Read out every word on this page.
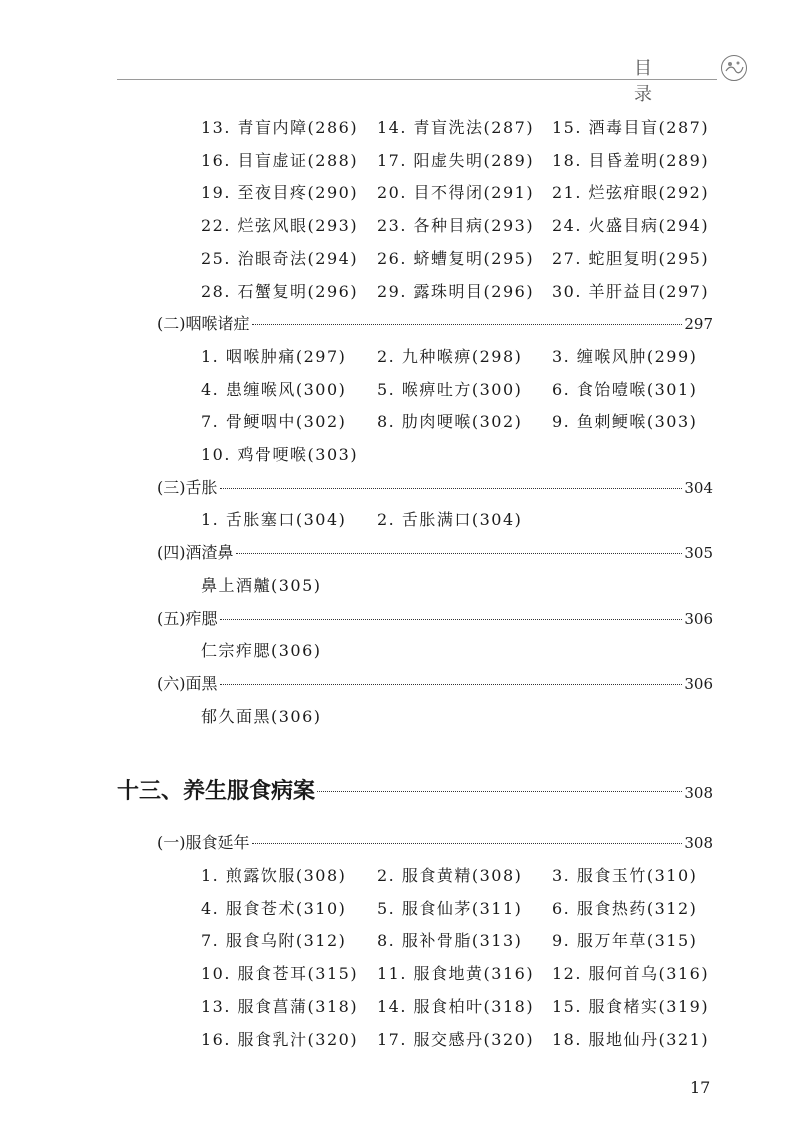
目 录
13. 青盲内障(286) 14. 青盲洗法(287) 15. 酒毒目盲(287)
16. 目盲虚证(288) 17. 阳虚失明(289) 18. 目昏羞明(289)
19. 至夜目疼(290) 20. 目不得闭(291) 21. 烂弦疳眼(292)
22. 烂弦风眼(293) 23. 各种目病(293) 24. 火盛目病(294)
25. 治眼奇法(294) 26. 蛴螬复明(295) 27. 蛇胆复明(295)
28. 石蟹复明(296) 29. 露珠明目(296) 30. 羊肝益目(297)
(二)咽喉诸症	297
1. 咽喉肿痛(297) 2. 九种喉痹(298) 3. 缠喉风肿(299)
4. 患缠喉风(300) 5. 喉痹吐方(300) 6. 食饴噎喉(301)
7. 骨鲠咽中(302) 8. 肋肉哽喉(302) 9. 鱼刺鲠喉(303)
10. 鸡骨哽喉(303)
(三)舌胀	304
1. 舌胀塞口(304) 2. 舌胀满口(304)
(四)酒渣鼻	305
鼻上酒齇(305)
(五)痄腮	306
仁宗痄腮(306)
(六)面黑	306
郁久面黑(306)
十三、养生服食病案	308
(一)服食延年	308
1. 煎露饮服(308) 2. 服食黄精(308) 3. 服食玉竹(310)
4. 服食苍术(310) 5. 服食仙茅(311) 6. 服食热药(312)
7. 服食乌附(312) 8. 服补骨脂(313) 9. 服万年草(315)
10. 服食苍耳(315) 11. 服食地黄(316) 12. 服何首乌(316)
13. 服食菖蒲(318) 14. 服食柏叶(318) 15. 服食楮实(319)
16. 服食乳汁(320) 17. 服交感丹(320) 18. 服地仙丹(321)
17
